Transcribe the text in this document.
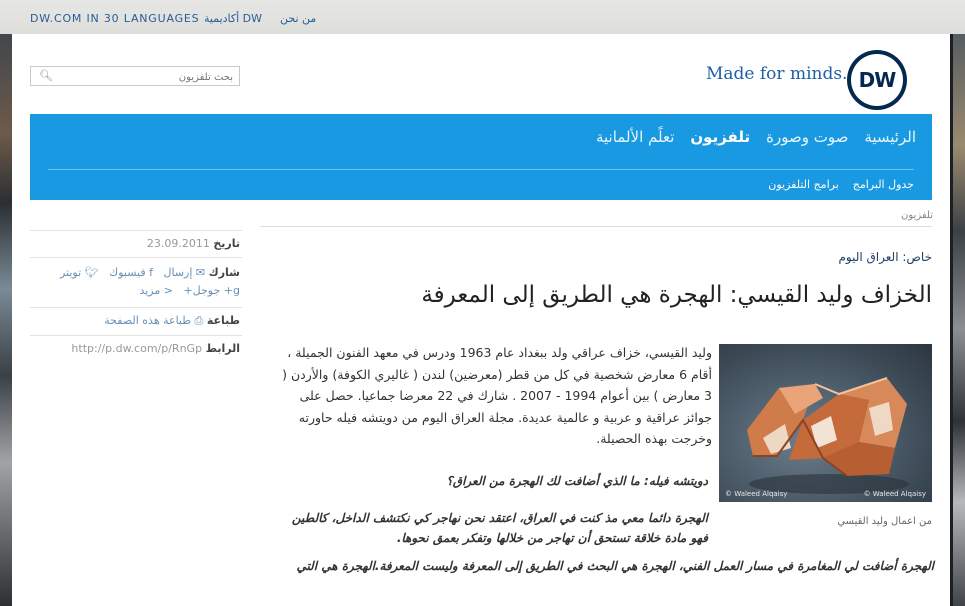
DW.COM IN 30 LANGUAGES أكاديمية DW من نحن
🔍︎
بحث تلفزيون	Made for minds. DW
الرئيسية
صوت وصورة
تلفزيون
تعلًم الألمانية
جدول البرامج
برامج التلفزيون
تلفزيون
خاص: العراق اليوم
الخزاف وليد القيسي: الهجرة هي الطريق إلى المعرفة
© Waleed Alqaisy	© Waleed Alqaisy
من اعمال وليد القيسي
وليد القيسي، خزاف عراقي ولد ببغداد عام 1963 ودرس في معهد الفنون الجميلة ، أقام 6 معارض شخصية في كل من قطر (معرضين) لندن ( غاليري الكوفة) والأردن ( 3 معارض ) بين أعوام 1994 - 2007 . شارك في 22 معرضا جماعيا. حصل على جوائز عراقية و عربية و عالمية عديدة. مجلة العراق اليوم من دويتشه فيله حاورته وخرجت بهذه الحصيلة.
دويتشه فيله: ما الذي أضافت لك الهجرة من العراق؟
الهجرة دائما معي مذ كنت في العراق، اعتقد نحن نهاجر كي نكتشف الداخل، كالطين فهو مادة خلاقة تستحق أن تهاجر من خلالها وتفكر بعمق نحوها.
الهجرة أضافت لي المغامرة في مسار العمل الفني، الهجرة هي البحث في الطريق إلى المعرفة وليست المعرفة.الهجرة هي التي
تاريخ 23.09.2011
شارك ✉︎ إرسال   f فيسبوك   🐦︎ تويتر
g+ جوجل+   < مزيد
طباعة ⎙ طباعة هذه الصفحة
الرابط http://p.dw.com/p/RnGp
